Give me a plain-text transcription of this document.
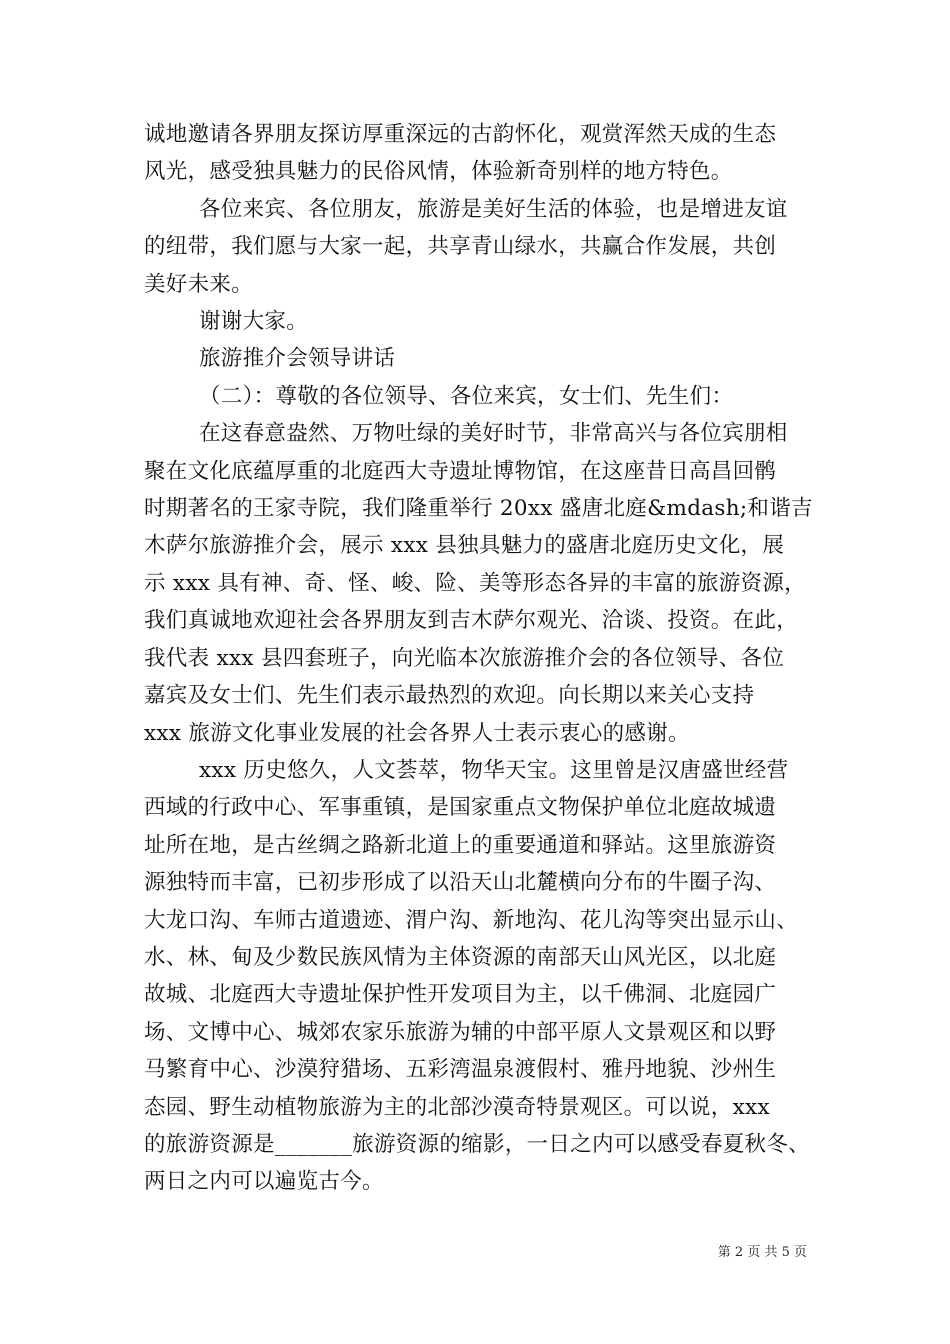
诚地邀请各界朋友探访厚重深远的古韵怀化，观赏浑然天成的生态

风光，感受独具魅力的民俗风情，体验新奇别样的地方特色。

各位来宾、各位朋友，旅游是美好生活的体验，也是增进友谊

的纽带，我们愿与大家一起，共享青山绿水，共赢合作发展，共创

美好未来。

谢谢大家。

旅游推介会领导讲话

（二）：尊敬的各位领导、各位来宾，女士们、先生们：

在这春意盎然、万物吐绿的美好时节，非常高兴与各位宾朋相

聚在文化底蕴厚重的北庭西大寺遗址博物馆，在这座昔日高昌回鹘

时期著名的王家寺院，我们隆重举行 20xx 盛唐北庭&mdash;和谐吉

木萨尔旅游推介会，展示 xxx 县独具魅力的盛唐北庭历史文化，展

示 xxx 具有神、奇、怪、峻、险、美等形态各异的丰富的旅游资源，

我们真诚地欢迎社会各界朋友到吉木萨尔观光、洽谈、投资。在此，

我代表 xxx 县四套班子，向光临本次旅游推介会的各位领导、各位

嘉宾及女士们、先生们表示最热烈的欢迎。向长期以来关心支持

xxx 旅游文化事业发展的社会各界人士表示衷心的感谢。

xxx 历史悠久，人文荟萃，物华天宝。这里曾是汉唐盛世经营

西域的行政中心、军事重镇，是国家重点文物保护单位北庭故城遗

址所在地，是古丝绸之路新北道上的重要通道和驿站。这里旅游资

源独特而丰富，已初步形成了以沿天山北麓横向分布的牛圈子沟、

大龙口沟、车师古道遗迹、渭户沟、新地沟、花儿沟等突出显示山、

水、林、甸及少数民族风情为主体资源的南部天山风光区，以北庭

故城、北庭西大寺遗址保护性开发项目为主，以千佛洞、北庭园广

场、文博中心、城郊农家乐旅游为辅的中部平原人文景观区和以野

马繁育中心、沙漠狩猎场、五彩湾温泉渡假村、雅丹地貌、沙州生

态园、野生动植物旅游为主的北部沙漠奇特景观区。可以说，xxx

的旅游资源是_______旅游资源的缩影，一日之内可以感受春夏秋冬、

两日之内可以遍览古今。

第 2 页 共 5 页
